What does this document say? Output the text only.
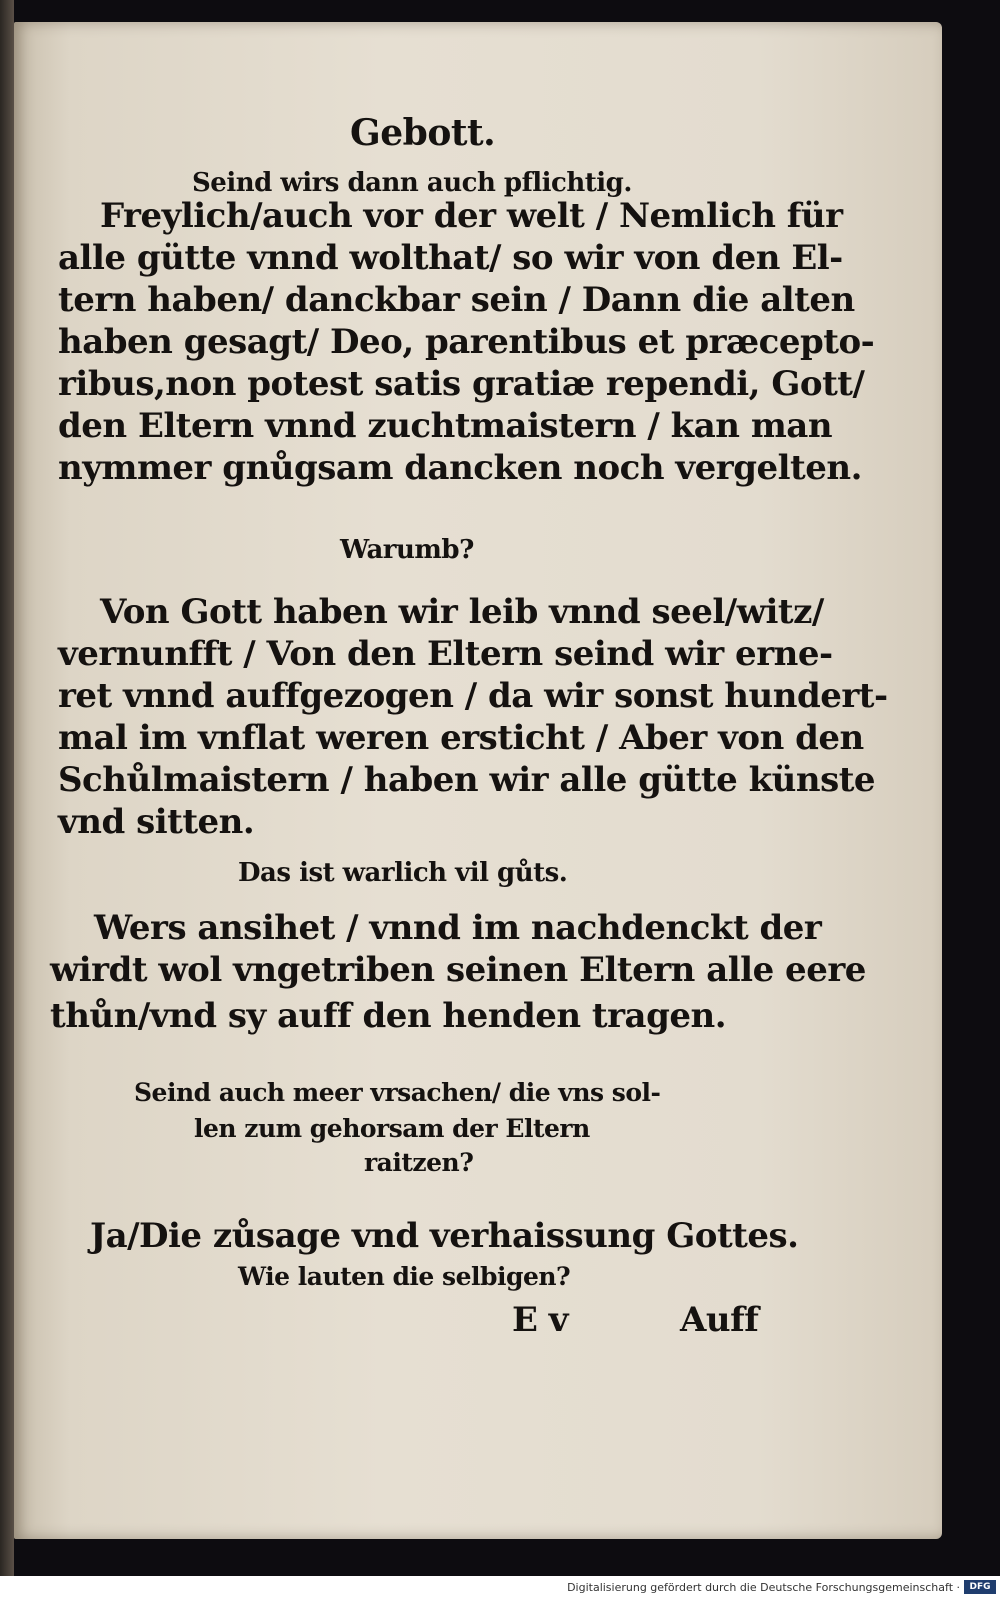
Gebott.
Seind wirs dann auch pflichtig.
Freylich/auch vor der welt / Nemlich für
alle gütte vnnd wolthat/ so wir von den El-
tern haben/ danckbar sein / Dann die alten
haben gesagt/ Deo, parentibus et præcepto-
ribus,non potest satis gratiæ rependi, Gott/
den Eltern vnnd zuchtmaistern / kan man
nymmer gnůgsam dancken noch vergelten.
Warumb?
Von Gott haben wir leib vnnd seel/witz/
vernunfft / Von den Eltern seind wir erne-
ret vnnd auffgezogen / da wir sonst hundert-
mal im vnflat weren ersticht / Aber von den
Schůlmaistern / haben wir alle gütte künste
vnd sitten.
Das ist warlich vil gůts.
Wers ansihet / vnnd im nachdenckt der
wirdt wol vngetriben seinen Eltern alle eere
thůn/vnd sy auff den henden tragen.
Seind auch meer vrsachen/ die vns sol-
len zum gehorsam der Eltern
raitzen?
Ja/Die zůsage vnd verhaissung Gottes.
Wie lauten die selbigen?
E v	Auff
Digitalisierung gefördert durch die Deutsche Forschungsgemeinschaft ·	DFG
